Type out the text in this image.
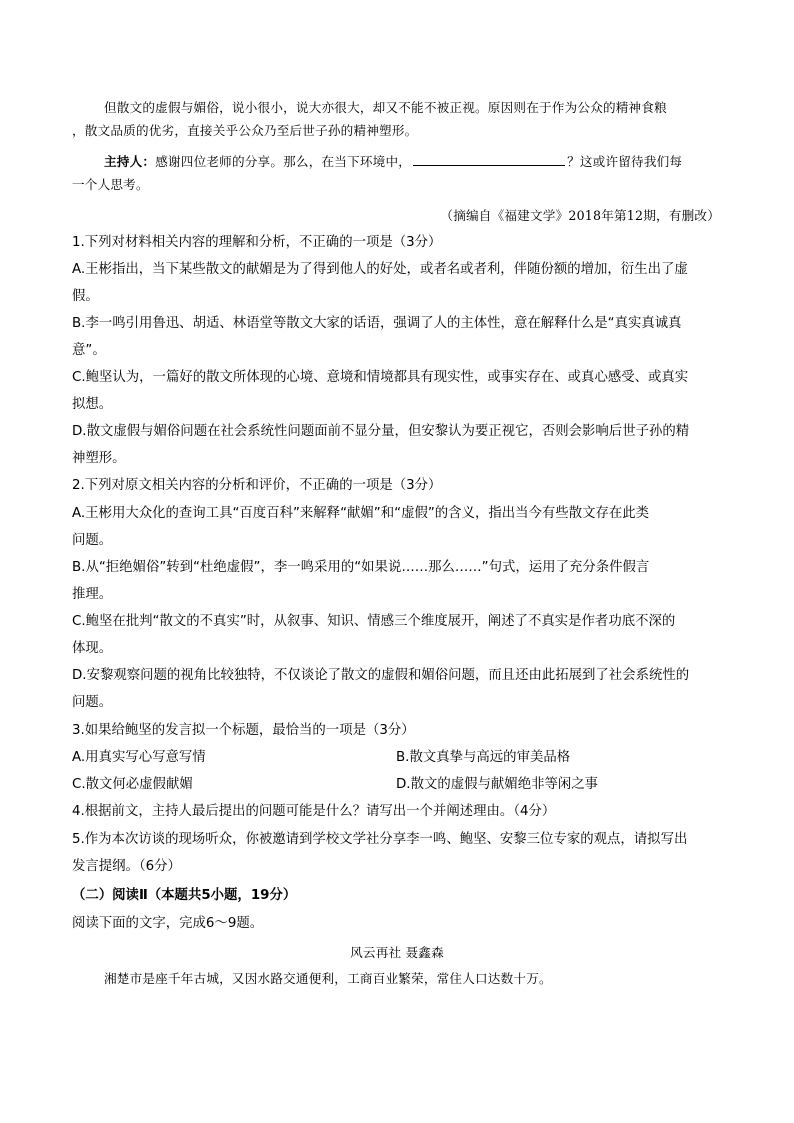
但散文的虚假与媚俗，说小很小，说大亦很大，却又不能不被正视。原因则在于作为公众的精神食粮
，散文品质的优劣，直接关乎公众乃至后世子孙的精神塑形。
主持人：感谢四位老师的分享。那么，在当下环境中，	？这或许留待我们每
一个人思考。
（摘编自《福建文学》2018年第12期，有删改）
1.下列对材料相关内容的理解和分析，不正确的一项是（3分）
A.王彬指出，当下某些散文的献媚是为了得到他人的好处，或者名或者利，伴随份额的增加，衍生出了虚
假。
B.李一鸣引用鲁迅、胡适、林语堂等散文大家的话语，强调了人的主体性，意在解释什么是“真实真诚真
意”。
C.鲍坚认为，一篇好的散文所体现的心境、意境和情境都具有现实性，或事实存在、或真心感受、或真实
拟想。
D.散文虚假与媚俗问题在社会系统性问题面前不显分量，但安黎认为要正视它，否则会影响后世子孙的精
神塑形。
2.下列对原文相关内容的分析和评价，不正确的一项是（3分）
A.王彬用大众化的查询工具“百度百科”来解释“献媚”和“虚假”的含义，指出当今有些散文存在此类
问题。
B.从“拒绝媚俗”转到“杜绝虚假”，李一鸣采用的“如果说……那么……”句式，运用了充分条件假言
推理。
C.鲍坚在批判“散文的不真实”时，从叙事、知识、情感三个维度展开，阐述了不真实是作者功底不深的
体现。
D.安黎观察问题的视角比较独特，不仅谈论了散文的虚假和媚俗问题，而且还由此拓展到了社会系统性的
问题。
3.如果给鲍坚的发言拟一个标题，最恰当的一项是（3分）
A.用真实写心写意写情	B.散文真挚与高远的审美品格
C.散文何必虚假献媚	D.散文的虚假与献媚绝非等闲之事
4.根据前文，主持人最后提出的问题可能是什么？请写出一个并阐述理由。（4分）
5.作为本次访谈的现场听众，你被邀请到学校文学社分享李一鸣、鲍坚、安黎三位专家的观点，请拟写出
发言提纲。（6分）
（二）阅读Ⅱ（本题共5小题，19分）
阅读下面的文字，完成6～9题。
风云再社 聂鑫森
湘楚市是座千年古城，又因水路交通便利，工商百业繁荣，常住人口达数十万。
